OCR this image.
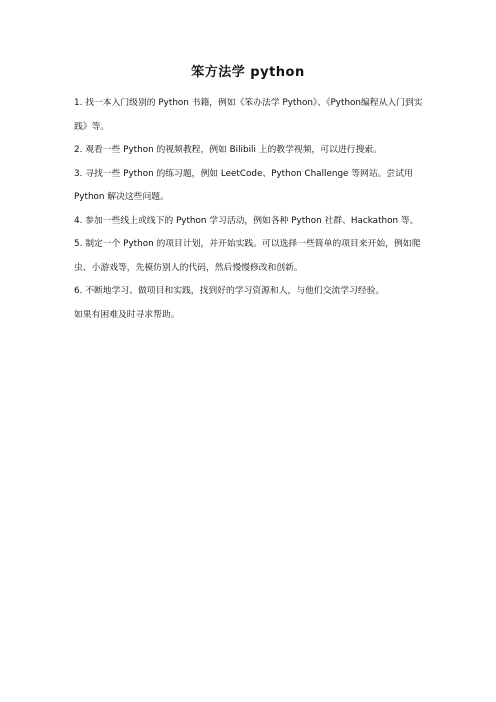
笨方法学 python

1. 找一本入门级别的 Python 书籍，例如《笨办法学 Python》、《Python编程从入门到实践》等。

2. 观看一些 Python 的视频教程，例如 Bilibili 上的教学视频，可以进行搜索。

3. 寻找一些 Python 的练习题，例如 LeetCode、Python Challenge 等网站。尝试用 Python 解决这些问题。

4. 参加一些线上或线下的 Python 学习活动，例如各种 Python 社群、Hackathon 等。

5. 制定一个 Python 的项目计划，并开始实践。可以选择一些简单的项目来开始，例如爬虫、小游戏等，先模仿别人的代码，然后慢慢修改和创新。

6. 不断地学习、做项目和实践，找到好的学习资源和人，与他们交流学习经验。

如果有困难及时寻求帮助。
